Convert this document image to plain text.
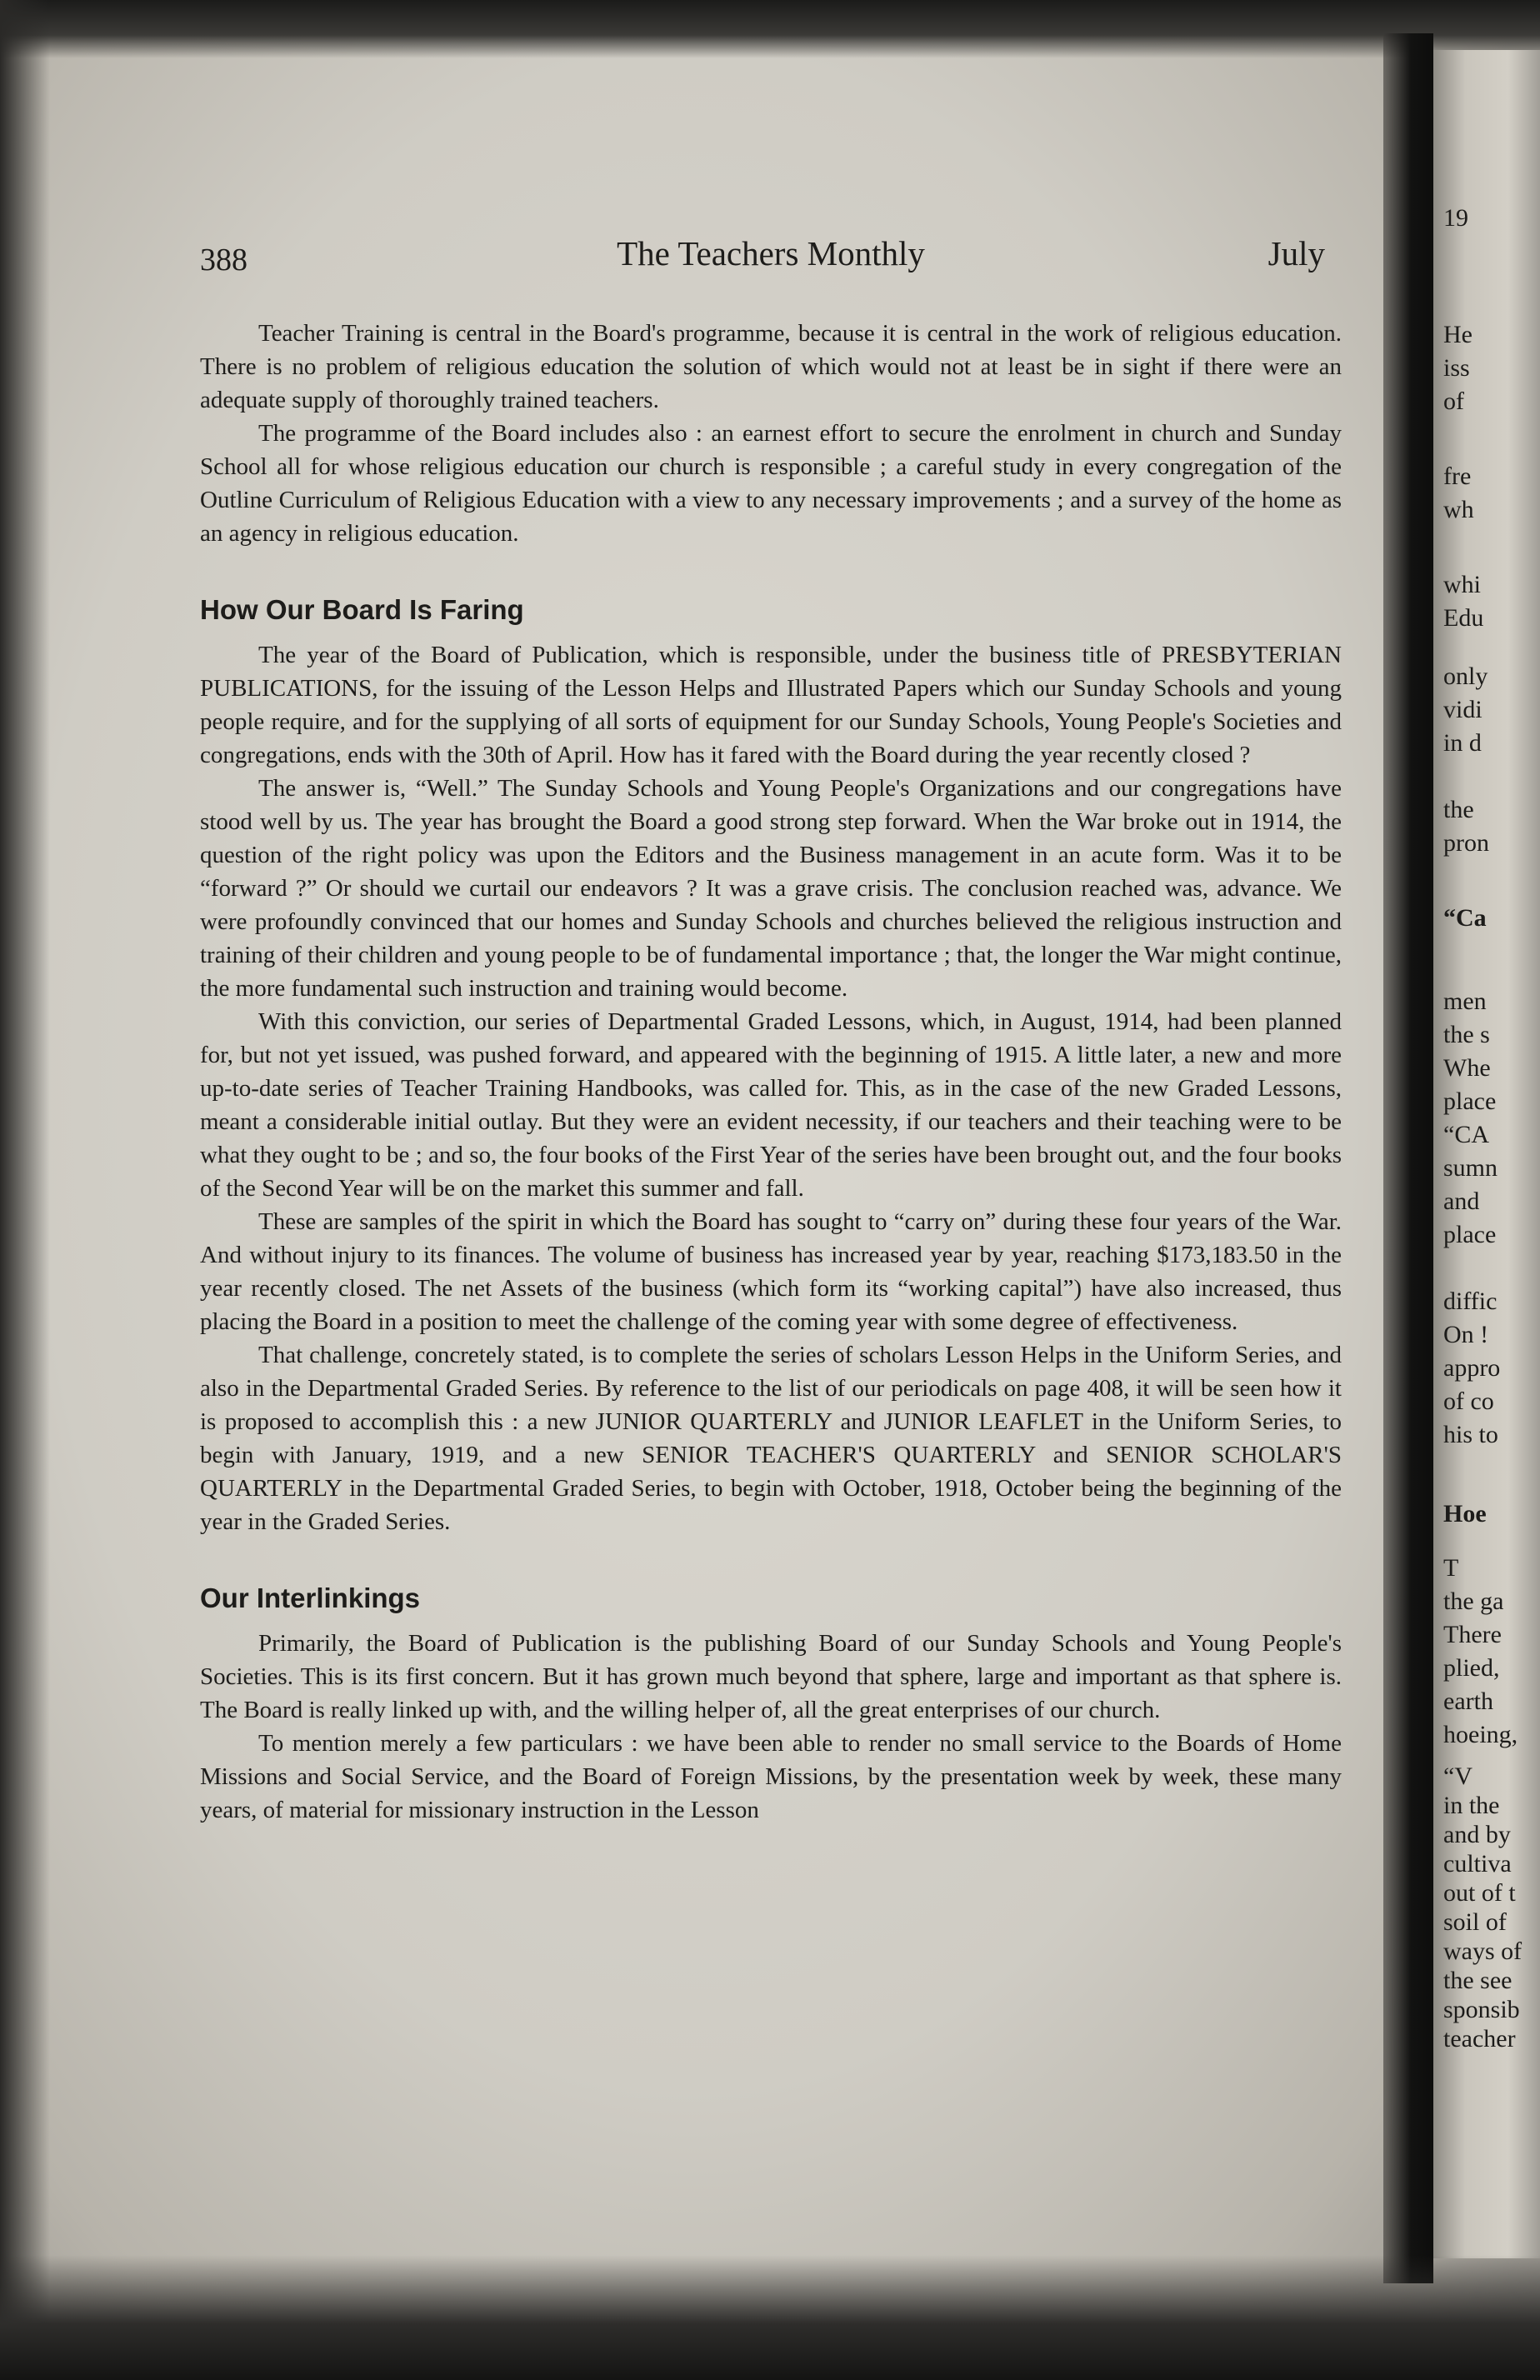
19
He
iss
of
fre
wh
whi
Edu
only
vidi
in d
the
pron
“Ca
men
the s
Whe
place
“CA
sumn
and
place
diffic
On !
appro
of co
his to
Hoe
T
the ga
There
plied,
earth
hoeing,
“V
in the
and by
cultiva
out of t
soil of
ways of
the see
sponsib
teacher
388	The Teachers Monthly	July

Teacher Training is central in the Board's programme, because it is central in the work of religious education. There is no problem of religious education the solution of which would not at least be in sight if there were an adequate supply of thoroughly trained teachers.

The programme of the Board includes also : an earnest effort to secure the enrolment in church and Sunday School all for whose religious education our church is responsible ; a careful study in every congregation of the Outline Curriculum of Religious Education with a view to any necessary improvements ; and a survey of the home as an agency in religious education.

How Our Board Is Faring

The year of the Board of Publication, which is responsible, under the business title of PRESBYTERIAN PUBLICATIONS, for the issuing of the Lesson Helps and Illustrated Papers which our Sunday Schools and young people require, and for the supplying of all sorts of equipment for our Sunday Schools, Young People's Societies and congregations, ends with the 30th of April. How has it fared with the Board during the year recently closed ?

The answer is, “Well.” The Sunday Schools and Young People's Organizations and our congregations have stood well by us. The year has brought the Board a good strong step forward. When the War broke out in 1914, the question of the right policy was upon the Editors and the Business management in an acute form. Was it to be “forward ?” Or should we curtail our endeavors ? It was a grave crisis. The conclusion reached was, advance. We were profoundly convinced that our homes and Sunday Schools and churches believed the religious instruction and training of their children and young people to be of fundamental importance ; that, the longer the War might continue, the more fundamental such instruction and training would become.

With this conviction, our series of Departmental Graded Lessons, which, in August, 1914, had been planned for, but not yet issued, was pushed forward, and appeared with the beginning of 1915. A little later, a new and more up-to-date series of Teacher Training Handbooks, was called for. This, as in the case of the new Graded Lessons, meant a considerable initial outlay. But they were an evident necessity, if our teachers and their teaching were to be what they ought to be ; and so, the four books of the First Year of the series have been brought out, and the four books of the Second Year will be on the market this summer and fall.

These are samples of the spirit in which the Board has sought to “carry on” during these four years of the War. And without injury to its finances. The volume of business has increased year by year, reaching $173,183.50 in the year recently closed. The net Assets of the business (which form its “working capital”) have also increased, thus placing the Board in a position to meet the challenge of the coming year with some degree of effectiveness.

That challenge, concretely stated, is to complete the series of scholars Lesson Helps in the Uniform Series, and also in the Departmental Graded Series. By reference to the list of our periodicals on page 408, it will be seen how it is proposed to accomplish this : a new JUNIOR QUARTERLY and JUNIOR LEAFLET in the Uniform Series, to begin with January, 1919, and a new SENIOR TEACHER'S QUARTERLY and SENIOR SCHOLAR'S QUARTERLY in the Departmental Graded Series, to begin with October, 1918, October being the beginning of the year in the Graded Series.

Our Interlinkings

Primarily, the Board of Publication is the publishing Board of our Sunday Schools and Young People's Societies. This is its first concern. But it has grown much beyond that sphere, large and important as that sphere is. The Board is really linked up with, and the willing helper of, all the great enterprises of our church.

To mention merely a few particulars : we have been able to render no small service to the Boards of Home Missions and Social Service, and the Board of Foreign Missions, by the presentation week by week, these many years, of material for missionary instruction in the Lesson
